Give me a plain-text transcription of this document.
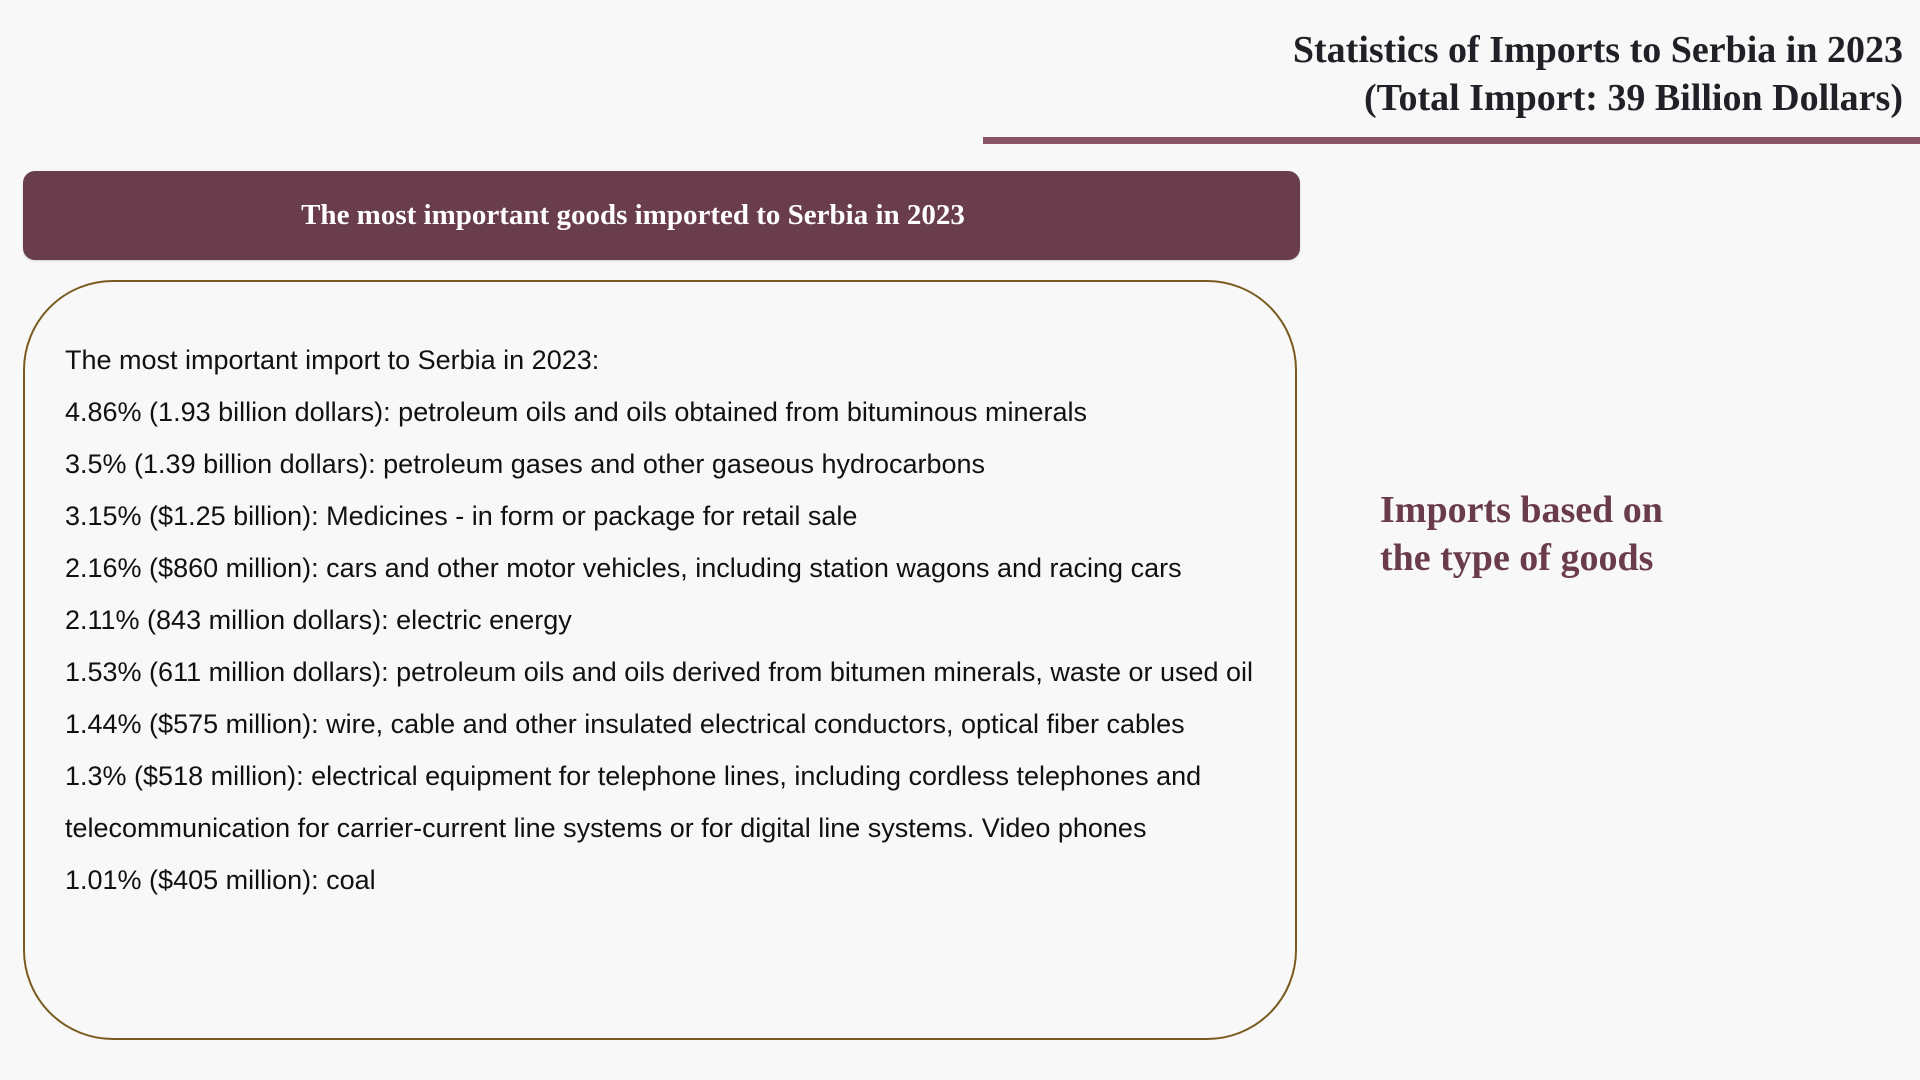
Statistics of Imports to Serbia in 2023
(Total Import: 39 Billion Dollars)
The most important goods imported to Serbia in 2023

The most important import to Serbia in 2023:

4.86% (1.93 billion dollars): petroleum oils and oils obtained from bituminous minerals
3.5% (1.39 billion dollars): petroleum gases and other gaseous hydrocarbons
3.15% ($1.25 billion): Medicines - in form or package for retail sale
2.16% ($860 million): cars and other motor vehicles, including station wagons and racing cars
2.11% (843 million dollars): electric energy
1.53% (611 million dollars): petroleum oils and oils derived from bitumen minerals, waste or used oil
1.44% ($575 million): wire, cable and other insulated electrical conductors, optical fiber cables
1.3% ($518 million): electrical equipment for telephone lines, including cordless telephones and telecommunication for carrier-current line systems or for digital line systems. Video phones
1.01% ($405 million): coal
Imports based on
the type of goods
